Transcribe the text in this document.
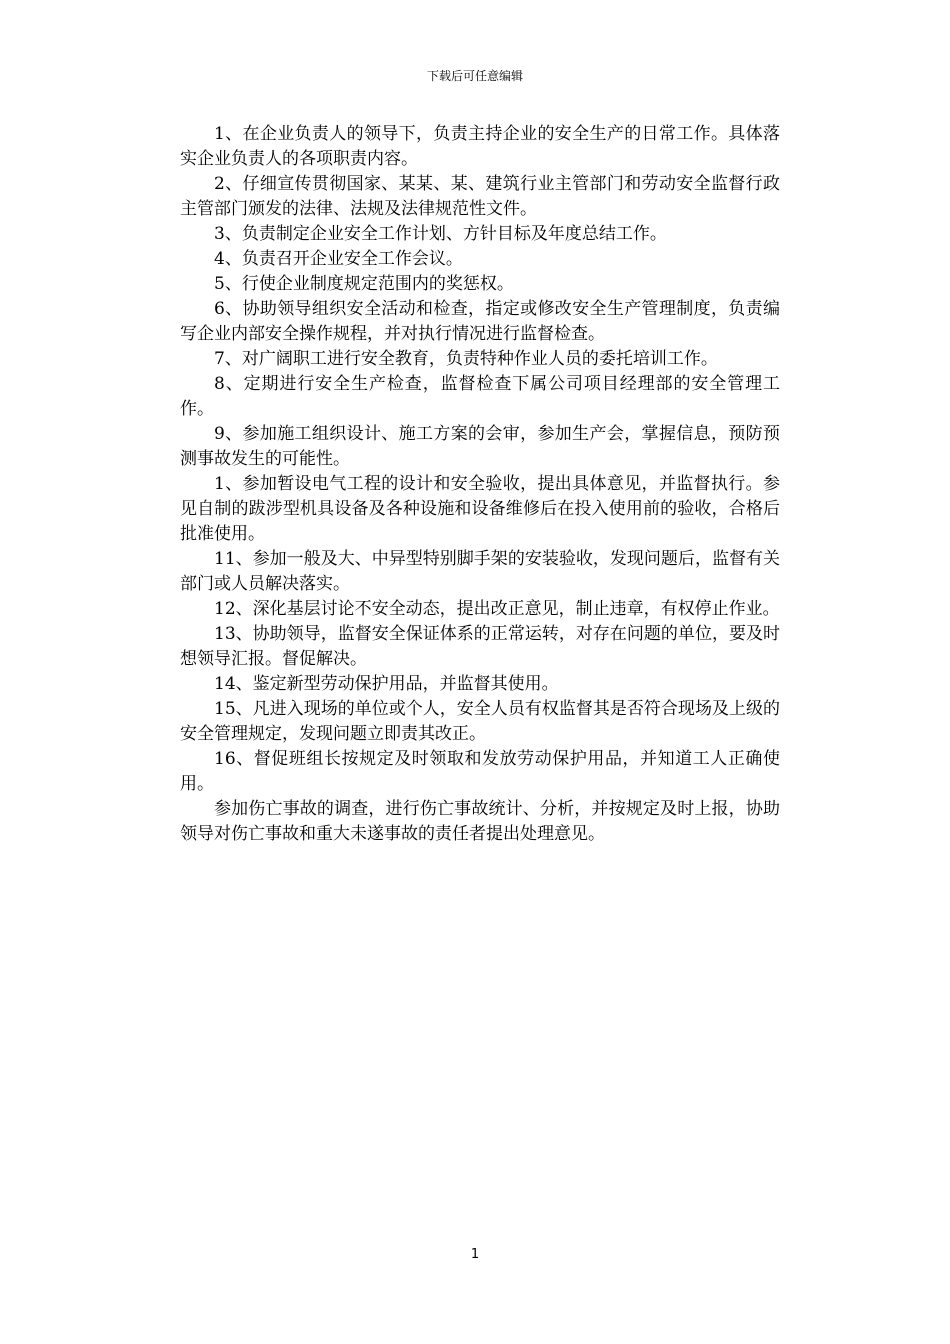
下载后可任意编辑

1、在企业负责人的领导下，负责主持企业的安全生产的日常工作。具体落实企业负责人的各项职责内容。

2、仔细宣传贯彻国家、某某、某、建筑行业主管部门和劳动安全监督行政主管部门颁发的法律、法规及法律规范性文件。

3、负责制定企业安全工作计划、方针目标及年度总结工作。

4、负责召开企业安全工作会议。

5、行使企业制度规定范围内的奖惩权。

6、协助领导组织安全活动和检查，指定或修改安全生产管理制度，负责编写企业内部安全操作规程，并对执行情况进行监督检查。

7、对广阔职工进行安全教育，负责特种作业人员的委托培训工作。

8、定期进行安全生产检查，监督检查下属公司项目经理部的安全管理工作。

9、参加施工组织设计、施工方案的会审，参加生产会，掌握信息，预防预测事故发生的可能性。

1、参加暂设电气工程的设计和安全验收，提出具体意见，并监督执行。参见自制的跋涉型机具设备及各种设施和设备维修后在投入使用前的验收，合格后批准使用。

11、参加一般及大、中异型特别脚手架的安装验收，发现问题后，监督有关部门或人员解决落实。

12、深化基层讨论不安全动态，提出改正意见，制止违章，有权停止作业。

13、协助领导，监督安全保证体系的正常运转，对存在问题的单位，要及时想领导汇报。督促解决。

14、鉴定新型劳动保护用品，并监督其使用。

15、凡进入现场的单位或个人，安全人员有权监督其是否符合现场及上级的安全管理规定，发现问题立即责其改正。

16、督促班组长按规定及时领取和发放劳动保护用品，并知道工人正确使用。

参加伤亡事故的调查，进行伤亡事故统计、分析，并按规定及时上报，协助领导对伤亡事故和重大未遂事故的责任者提出处理意见。

1
